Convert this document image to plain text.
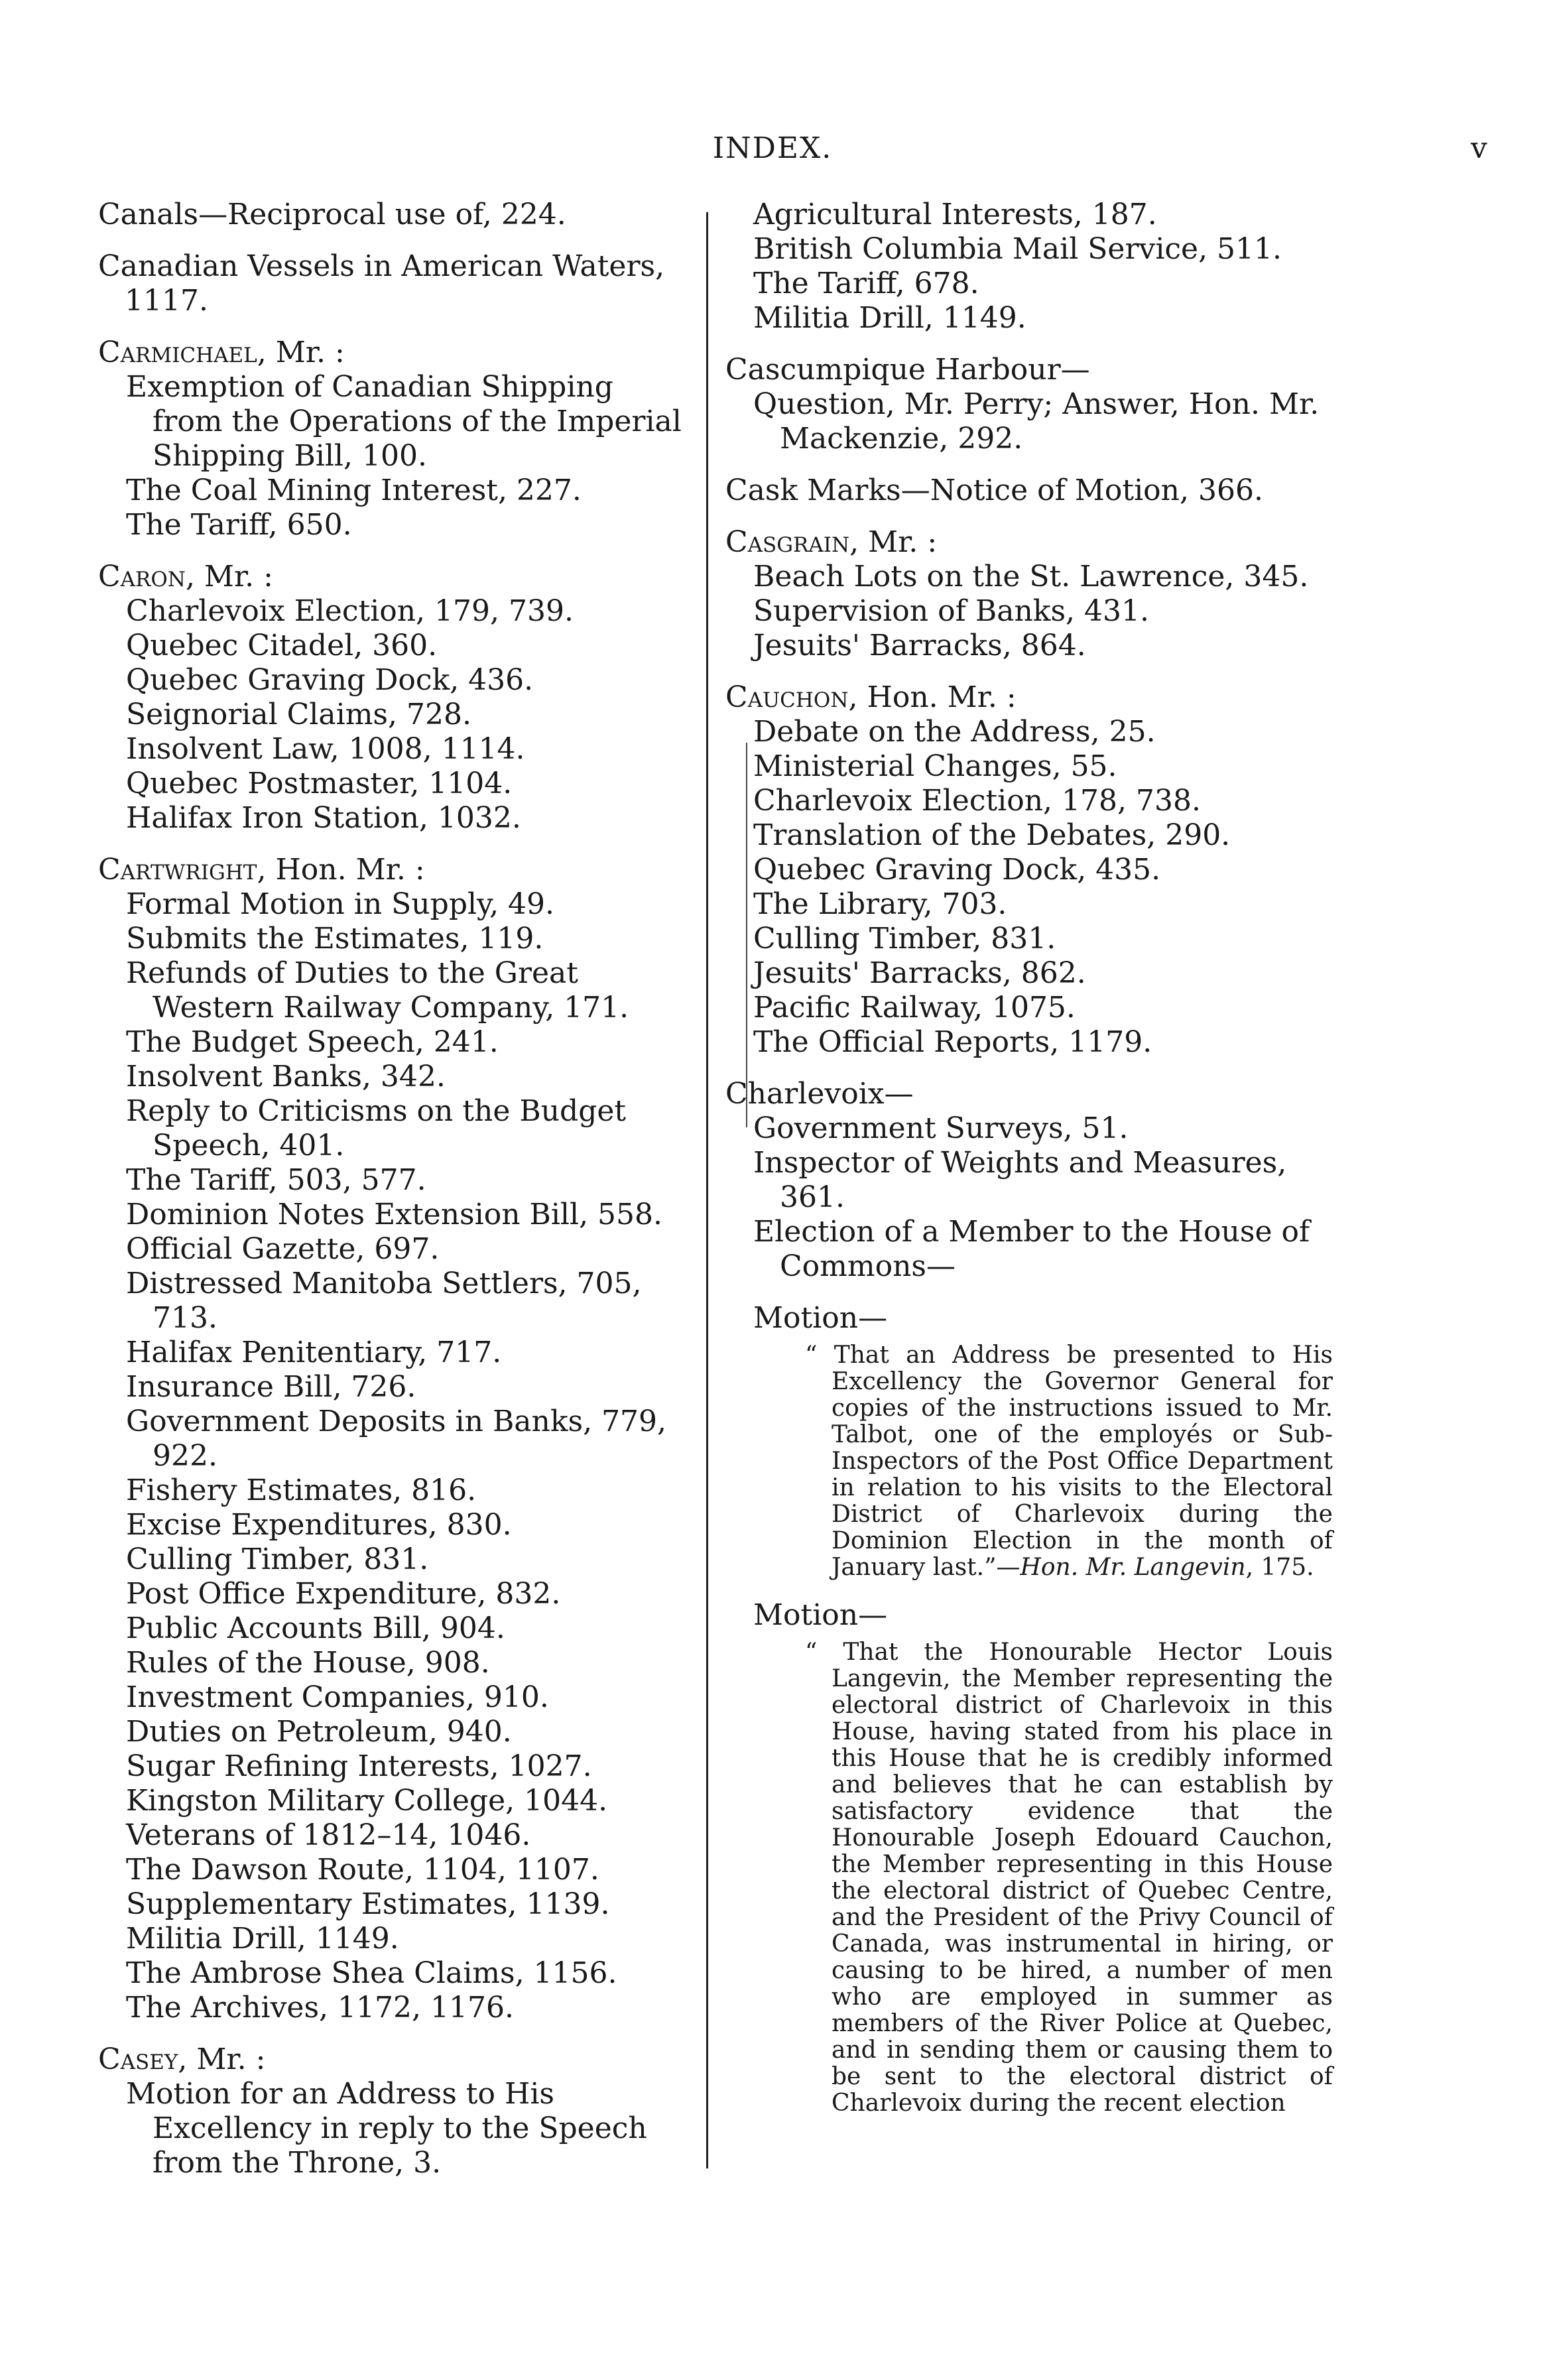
INDEX.	v
Canals—Reciprocal use of, 224.
Canadian Vessels in American Waters, 1117.
Carmichael, Mr. :
Exemption of Canadian Shipping from the Operations of the Imperial Shipping Bill, 100.
The Coal Mining Interest, 227.
The Tariff, 650.
Caron, Mr. :
Charlevoix Election, 179, 739.
Quebec Citadel, 360.
Quebec Graving Dock, 436.
Seignorial Claims, 728.
Insolvent Law, 1008, 1114.
Quebec Postmaster, 1104.
Halifax Iron Station, 1032.
Cartwright, Hon. Mr. :
Formal Motion in Supply, 49.
Submits the Estimates, 119.
Refunds of Duties to the Great Western Railway Company, 171.
The Budget Speech, 241.
Insolvent Banks, 342.
Reply to Criticisms on the Budget Speech, 401.
The Tariff, 503, 577.
Dominion Notes Extension Bill, 558.
Official Gazette, 697.
Distressed Manitoba Settlers, 705, 713.
Halifax Penitentiary, 717.
Insurance Bill, 726.
Government Deposits in Banks, 779, 922.
Fishery Estimates, 816.
Excise Expenditures, 830.
Culling Timber, 831.
Post Office Expenditure, 832.
Public Accounts Bill, 904.
Rules of the House, 908.
Investment Companies, 910.
Duties on Petroleum, 940.
Sugar Refining Interests, 1027.
Kingston Military College, 1044.
Veterans of 1812–14, 1046.
The Dawson Route, 1104, 1107.
Supplementary Estimates, 1139.
Militia Drill, 1149.
The Ambrose Shea Claims, 1156.
The Archives, 1172, 1176.
Casey, Mr. :
Motion for an Address to His Excellency in reply to the Speech from the Throne, 3.
Agricultural Interests, 187.
British Columbia Mail Service, 511.
The Tariff, 678.
Militia Drill, 1149.
Cascumpique Harbour—
Question, Mr. Perry; Answer, Hon. Mr. Mackenzie, 292.
Cask Marks—Notice of Motion, 366.
Casgrain, Mr. :
Beach Lots on the St. Lawrence, 345.
Supervision of Banks, 431.
Jesuits' Barracks, 864.
Cauchon, Hon. Mr. :
Debate on the Address, 25.
Ministerial Changes, 55.
Charlevoix Election, 178, 738.
Translation of the Debates, 290.
Quebec Graving Dock, 435.
The Library, 703.
Culling Timber, 831.
Jesuits' Barracks, 862.
Pacific Railway, 1075.
The Official Reports, 1179.
Charlevoix—
Government Surveys, 51.
Inspector of Weights and Measures, 361.
Election of a Member to the House of Commons—
Motion—
“ That an Address be presented to His Excellency the Governor General for copies of the instructions issued to Mr. Talbot, one of the employés or Sub-Inspectors of the Post Office Department in relation to his visits to the Electoral District of Charlevoix during the Dominion Election in the month of January last.”—Hon. Mr. Langevin, 175.
Motion—
“ That the Honourable Hector Louis Langevin, the Member representing the electoral district of Charlevoix in this House, having stated from his place in this House that he is credibly informed and believes that he can establish by satisfactory evidence that the Honourable Joseph Edouard Cauchon, the Member representing in this House the electoral district of Quebec Centre, and the President of the Privy Council of Canada, was instrumental in hiring, or causing to be hired, a number of men who are employed in summer as members of the River Police at Quebec, and in sending them or causing them to be sent to the electoral district of Charlevoix during the recent election
